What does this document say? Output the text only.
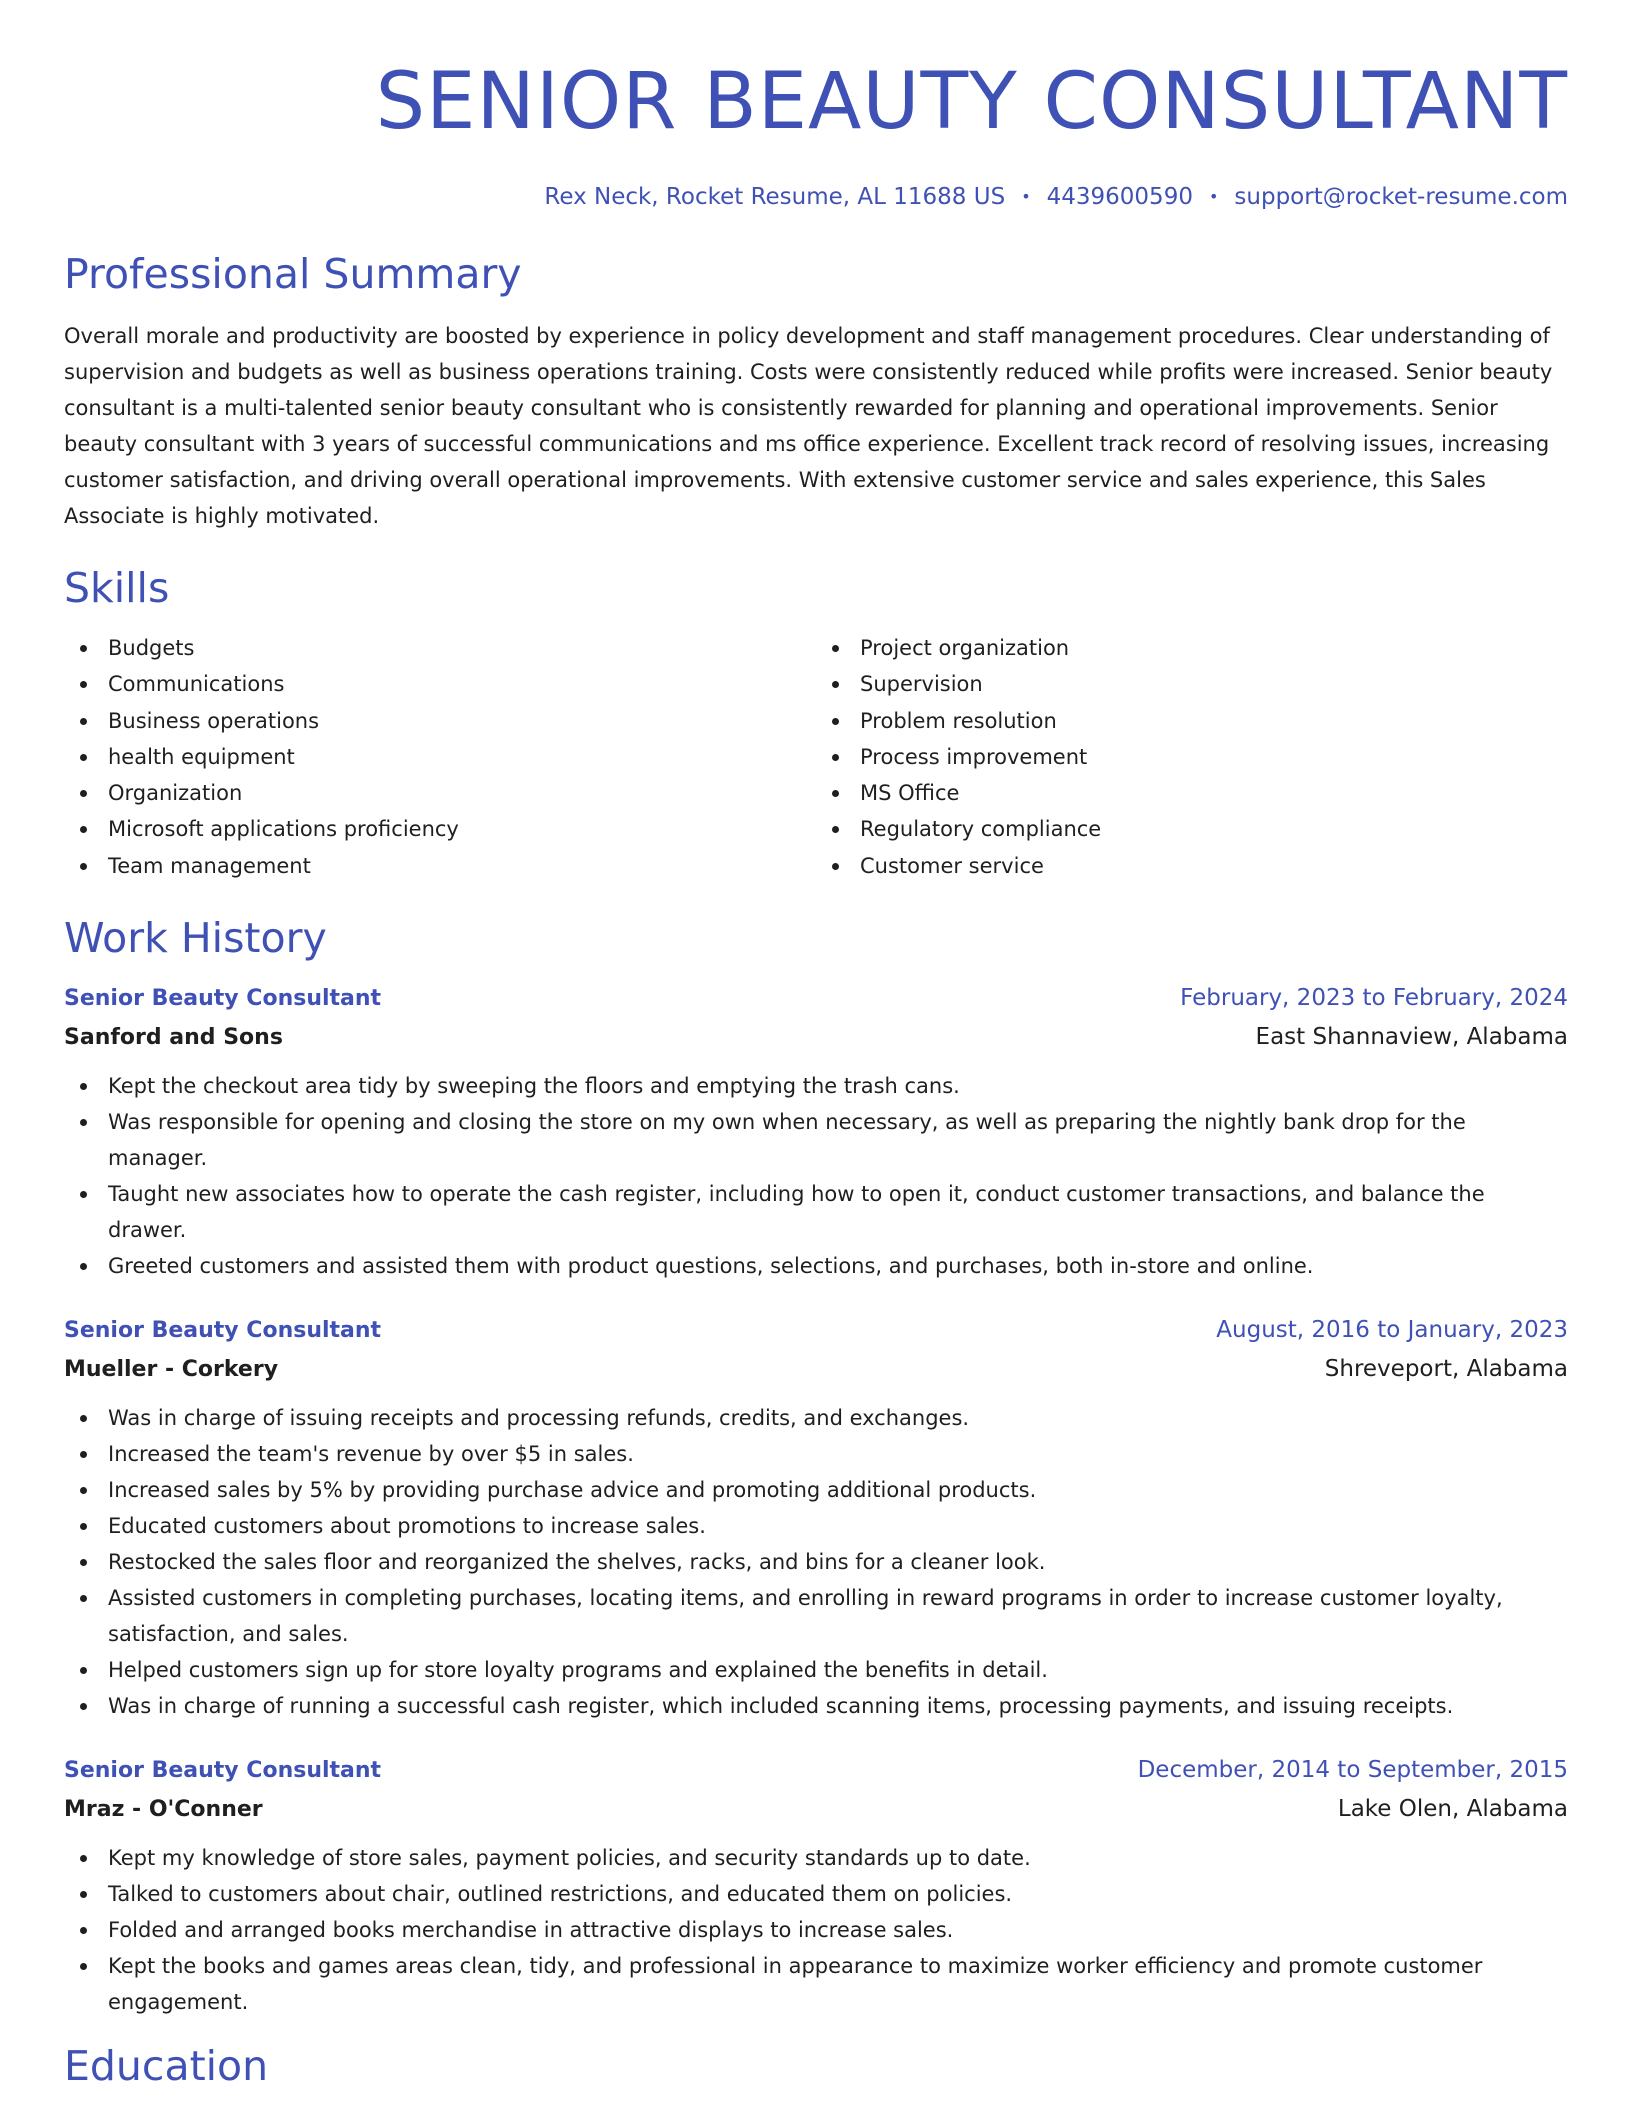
SENIOR BEAUTY CONSULTANT
Rex Neck, Rocket Resume, AL 11688 US • 4439600590 • support@rocket-resume.com
Professional Summary
Overall morale and productivity are boosted by experience in policy development and staff management procedures. Clear understanding of supervision and budgets as well as business operations training. Costs were consistently reduced while profits were increased. Senior beauty consultant is a multi-talented senior beauty consultant who is consistently rewarded for planning and operational improvements. Senior beauty consultant with 3 years of successful communications and ms office experience. Excellent track record of resolving issues, increasing customer satisfaction, and driving overall operational improvements. With extensive customer service and sales experience, this Sales Associate is highly motivated.
Skills
Budgets
Communications
Business operations
health equipment
Organization
Microsoft applications proficiency
Team management
Project organization
Supervision
Problem resolution
Process improvement
MS Office
Regulatory compliance
Customer service
Work History
Senior Beauty Consultant	February, 2023 to February, 2024
Sanford and Sons	East Shannaview, Alabama
Kept the checkout area tidy by sweeping the floors and emptying the trash cans.
Was responsible for opening and closing the store on my own when necessary, as well as preparing the nightly bank drop for the manager.
Taught new associates how to operate the cash register, including how to open it, conduct customer transactions, and balance the drawer.
Greeted customers and assisted them with product questions, selections, and purchases, both in-store and online.
Senior Beauty Consultant	August, 2016 to January, 2023
Mueller - Corkery	Shreveport, Alabama
Was in charge of issuing receipts and processing refunds, credits, and exchanges.
Increased the team's revenue by over $5 in sales.
Increased sales by 5% by providing purchase advice and promoting additional products.
Educated customers about promotions to increase sales.
Restocked the sales floor and reorganized the shelves, racks, and bins for a cleaner look.
Assisted customers in completing purchases, locating items, and enrolling in reward programs in order to increase customer loyalty, satisfaction, and sales.
Helped customers sign up for store loyalty programs and explained the benefits in detail.
Was in charge of running a successful cash register, which included scanning items, processing payments, and issuing receipts.
Senior Beauty Consultant	December, 2014 to September, 2015
Mraz - O'Conner	Lake Olen, Alabama
Kept my knowledge of store sales, payment policies, and security standards up to date.
Talked to customers about chair, outlined restrictions, and educated them on policies.
Folded and arranged books merchandise in attractive displays to increase sales.
Kept the books and games areas clean, tidy, and professional in appearance to maximize worker efficiency and promote customer engagement.
Education
